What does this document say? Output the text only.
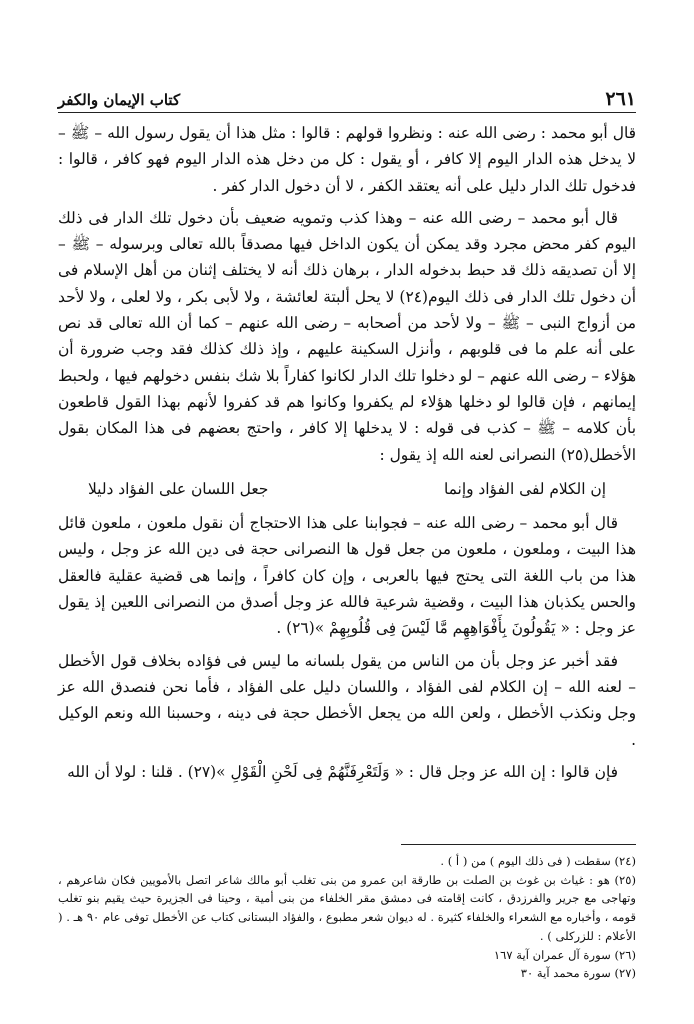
٢٦١
كتاب الإيمان والكفر

قال أبو محمد : رضى الله عنه : ونظروا قولهم : قالوا : مثل هذا أن يقول رسول الله – ﷺ – لا يدخل هذه الدار اليوم إلا كافر ، أو يقول : كل من دخل هذه الدار اليوم فهو كافر ، قالوا : فدخول تلك الدار دليل على أنه يعتقد الكفر ، لا أن دخول الدار كفر .

قال أبو محمد – رضى الله عنه – وهذا كذب وتمويه ضعيف بأن دخول تلك الدار فى ذلك اليوم كفر محض مجرد وقد يمكن أن يكون الداخل فيها مصدقاً بالله تعالى وبرسوله – ﷺ – إلا أن تصديقه ذلك قد حبط بدخوله الدار ، برهان ذلك أنه لا يختلف إثنان من أهل الإسلام فى أن دخول تلك الدار فى ذلك اليوم(٢٤) لا يحل ألبتة لعائشة ، ولا لأبى بكر ، ولا لعلى ، ولا لأحد من أزواج النبى – ﷺ – ولا لأحد من أصحابه – رضى الله عنهم – كما أن الله تعالى قد نص على أنه علم ما فى قلوبهم ، وأنزل السكينة عليهم ، وإذ ذلك كذلك فقد وجب ضرورة أن هؤلاء – رضى الله عنهم – لو دخلوا تلك الدار لكانوا كفاراً بلا شك بنفس دخولهم فيها ، ولحبط إيمانهم ، فإن قالوا لو دخلها هؤلاء لم يكفروا وكانوا هم قد كفروا لأنهم بهذا القول قاطعون بأن كلامه – ﷺ – كذب فى قوله : لا يدخلها إلا كافر ، واحتج بعضهم فى هذا المكان بقول الأخطل(٢٥) النصرانى لعنه الله إذ يقول :

إن الكلام لفى الفؤاد وإنما
جعل اللسان على الفؤاد دليلا

قال أبو محمد – رضى الله عنه – فجوابنا على هذا الاحتجاج أن نقول ملعون ، ملعون قائل هذا البيت ، وملعون ، ملعون من جعل قول ها النصرانى حجة فى دين الله عز وجل ، وليس هذا من باب اللغة التى يحتج فيها بالعربى ، وإن كان كافراً ، وإنما هى قضية عقلية فالعقل والحس يكذبان هذا البيت ، وقضية شرعية فالله عز وجل أصدق من النصرانى اللعين إذ يقول عز وجل : « يَقُولُونَ بِأَفْوَاهِهِم مَّا لَيْسَ فِى قُلُوبِهِمْ »(٢٦) .

فقد أخبر عز وجل بأن من الناس من يقول بلسانه ما ليس فى فؤاده بخلاف قول الأخطل – لعنه الله – إن الكلام لفى الفؤاد ، واللسان دليل على الفؤاد ، فأما نحن فنصدق الله عز وجل ونكذب الأخطل ، ولعن الله من يجعل الأخطل حجة فى دينه ، وحسبنا الله ونعم الوكيل .

فإن قالوا : إن الله عز وجل قال : « وَلَتَعْرِفَنَّهُمْ فِى لَحْنِ الْقَوْلِ »(٢٧) . قلنا : لولا أن الله

(٢٤) سقطت ( فى ذلك اليوم ) من ( أ ) .

(٢٥) هو : غياث بن غوث بن الصلت بن طارقة ابن عمرو من بنى تغلب أبو مالك شاعر اتصل بالأمويين فكان شاعرهم ، وتهاجى مع جرير والفرزدق ، كانت إقامته فى دمشق مقر الخلفاء من بنى أمية ، وحينا فى الجزيرة حيث يقيم بنو تغلب قومه ، وأخباره مع الشعراء والخلفاء كثيرة . له ديوان شعر مطبوع ، والفؤاد البستانى كتاب عن الأخطل توفى عام ٩٠ هـ . ( الأعلام : للزركلى ) .

(٢٦) سورة آل عمران آية ١٦٧

(٢٧) سورة محمد آية ٣٠
